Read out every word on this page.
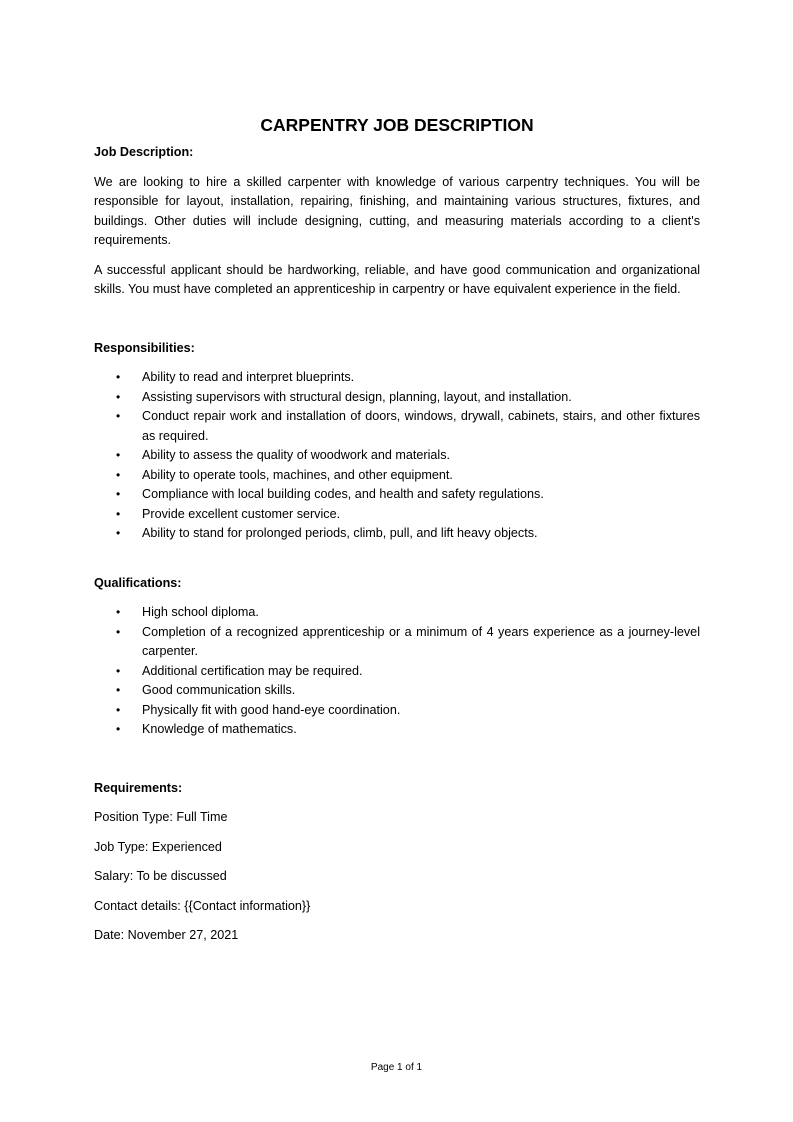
CARPENTRY JOB DESCRIPTION

Job Description:

We are looking to hire a skilled carpenter with knowledge of various carpentry techniques. You will be responsible for layout, installation, repairing, finishing, and maintaining various structures, fixtures, and buildings. Other duties will include designing, cutting, and measuring materials according to a client's requirements.

A successful applicant should be hardworking, reliable, and have good communication and organizational skills. You must have completed an apprenticeship in carpentry or have equivalent experience in the field.

Responsibilities:

• Ability to read and interpret blueprints.
• Assisting supervisors with structural design, planning, layout, and installation.
• Conduct repair work and installation of doors, windows, drywall, cabinets, stairs, and other fixtures as required.
• Ability to assess the quality of woodwork and materials.
• Ability to operate tools, machines, and other equipment.
• Compliance with local building codes, and health and safety regulations.
• Provide excellent customer service.
• Ability to stand for prolonged periods, climb, pull, and lift heavy objects.

Qualifications:

• High school diploma.
• Completion of a recognized apprenticeship or a minimum of 4 years experience as a journey-level carpenter.
• Additional certification may be required.
• Good communication skills.
• Physically fit with good hand-eye coordination.
• Knowledge of mathematics.

Requirements:

Position Type: Full Time

Job Type: Experienced

Salary: To be discussed

Contact details: {{Contact information}}

Date: November 27, 2021

Page 1 of 1
